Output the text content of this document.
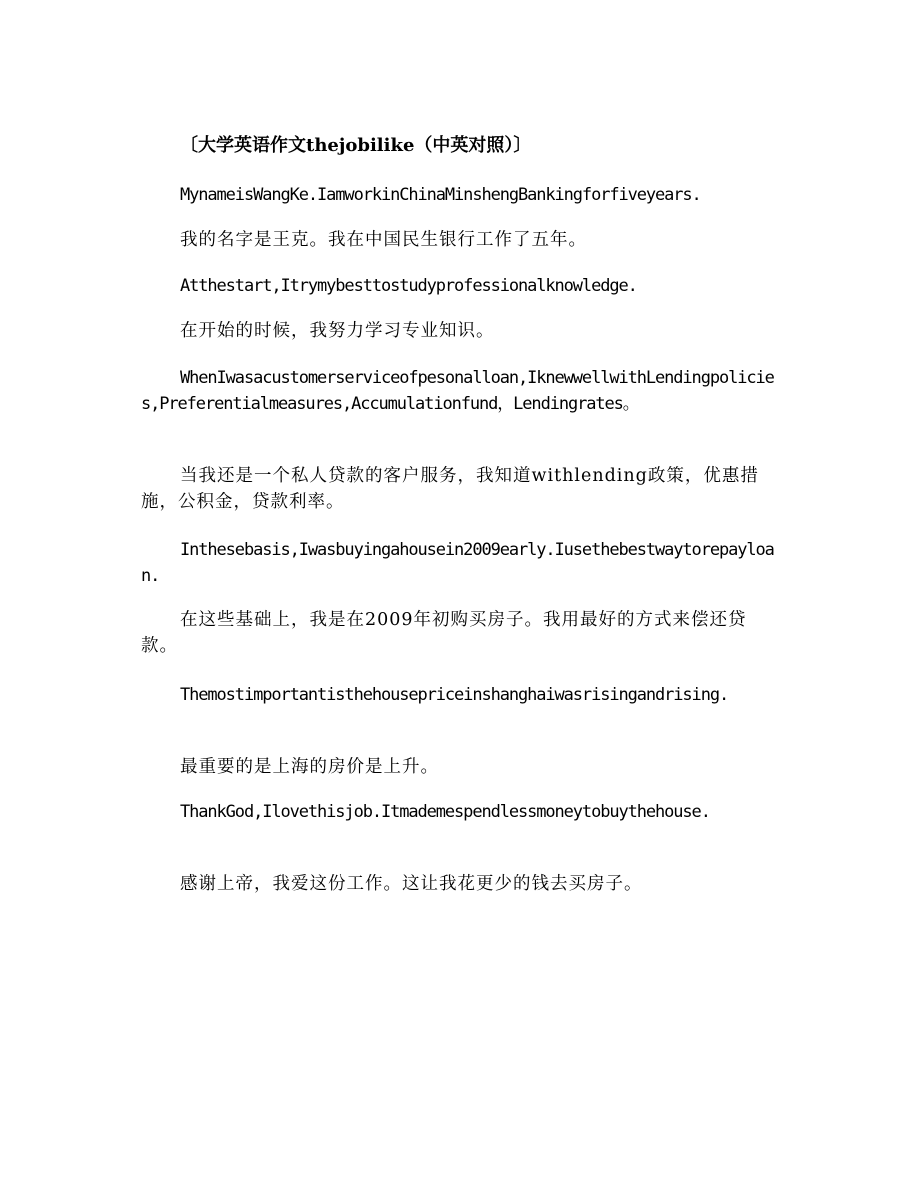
〔大学英语作文thejobilike（中英对照）〕

MynameisWangKe.IamworkinChinaMinshengBankingforfiveyears.

我的名字是王克。我在中国民生银行工作了五年。

Atthestart,Itrymybesttostudyprofessionalknowledge.

在开始的时候，我努力学习专业知识。

WhenIwasacustomerserviceofpesonalloan,IknewwellwithLendingpolicies,Preferentialmeasures,Accumulationfund，Lendingrates。

当我还是一个私人贷款的客户服务，我知道withlending政策，优惠措施，公积金，贷款利率。

Inthesebasis,Iwasbuyingahousein2009early.Iusethebestwaytorepayloan.

在这些基础上，我是在2009年初购买房子。我用最好的方式来偿还贷款。

Themostimportantisthehousepriceinshanghaiwasrisingandrising.

最重要的是上海的房价是上升。

ThankGod,Ilovethisjob.Itmademespendlessmoneytobuythehouse.

感谢上帝，我爱这份工作。这让我花更少的钱去买房子。
